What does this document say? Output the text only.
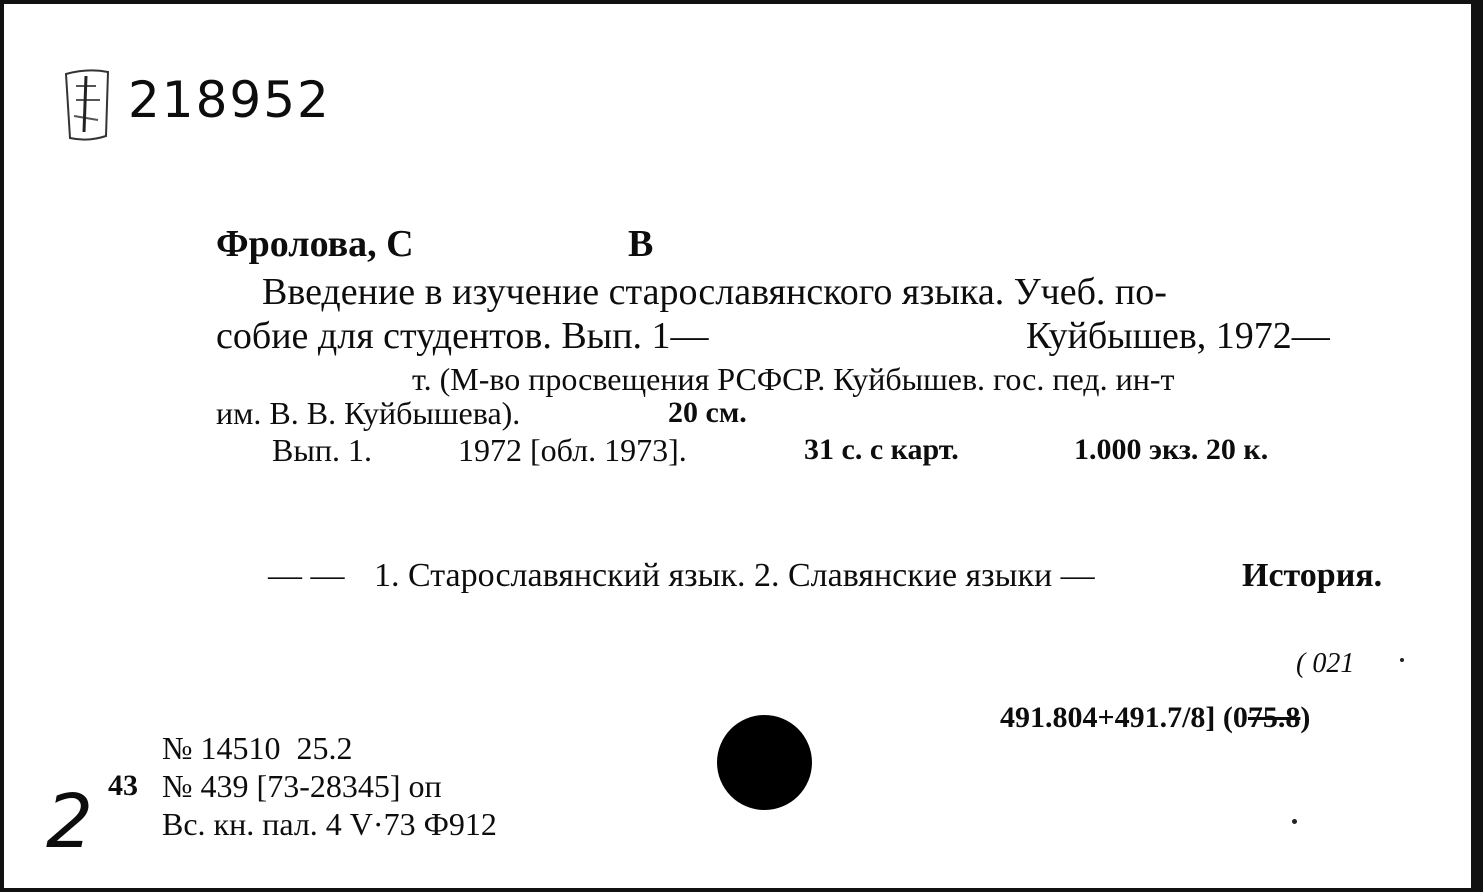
218952
Фролова, С	В
Введение в изучение старославянского языка. Учеб. по-
собие для студентов. Вып. 1—	Куйбышев, 1972—
т. (М-во просвещения РСФСР. Куйбышев. гос. пед. ин-т
им. В. В. Куйбышева).	20 см.
Вып. 1.	1972 [обл. 1973].	31 с. с карт.	1.000 экз. 20 к.
— — 1. Старославянский язык. 2. Славянские языки —	История.
( 021
491.804+491.7/8] (075.8)
№ 14510  25.2
43 № 439 [73-28345] оп
Вс. кн. пал. 4 V·73 Ф912
2
